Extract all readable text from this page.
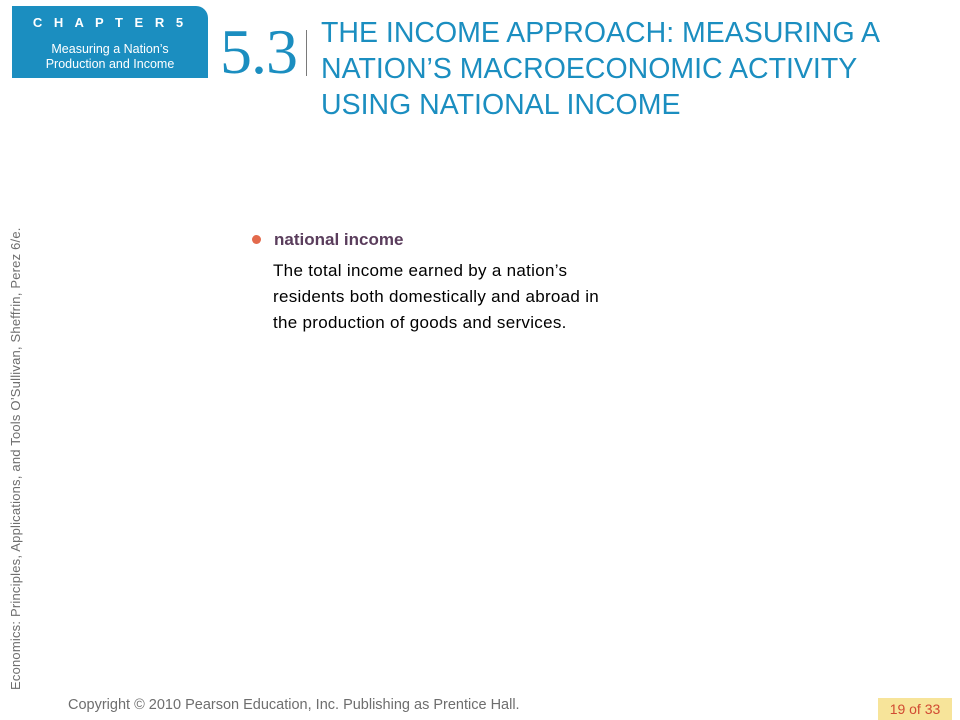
C H A P T E R 5
Measuring a Nation’s
Production and Income 5.3 THE INCOME APPROACH: MEASURING A NATION’S MACROECONOMIC ACTIVITY USING NATIONAL INCOME
Economics: Principles, Applications, and Tools O’Sullivan, Sheffrin, Perez 6/e.	national income

The total income earned by a nation’s residents both domestically and abroad in the production of goods and services.

Copyright © 2010 Pearson Education, Inc. Publishing as Prentice Hall.	19 of 33
